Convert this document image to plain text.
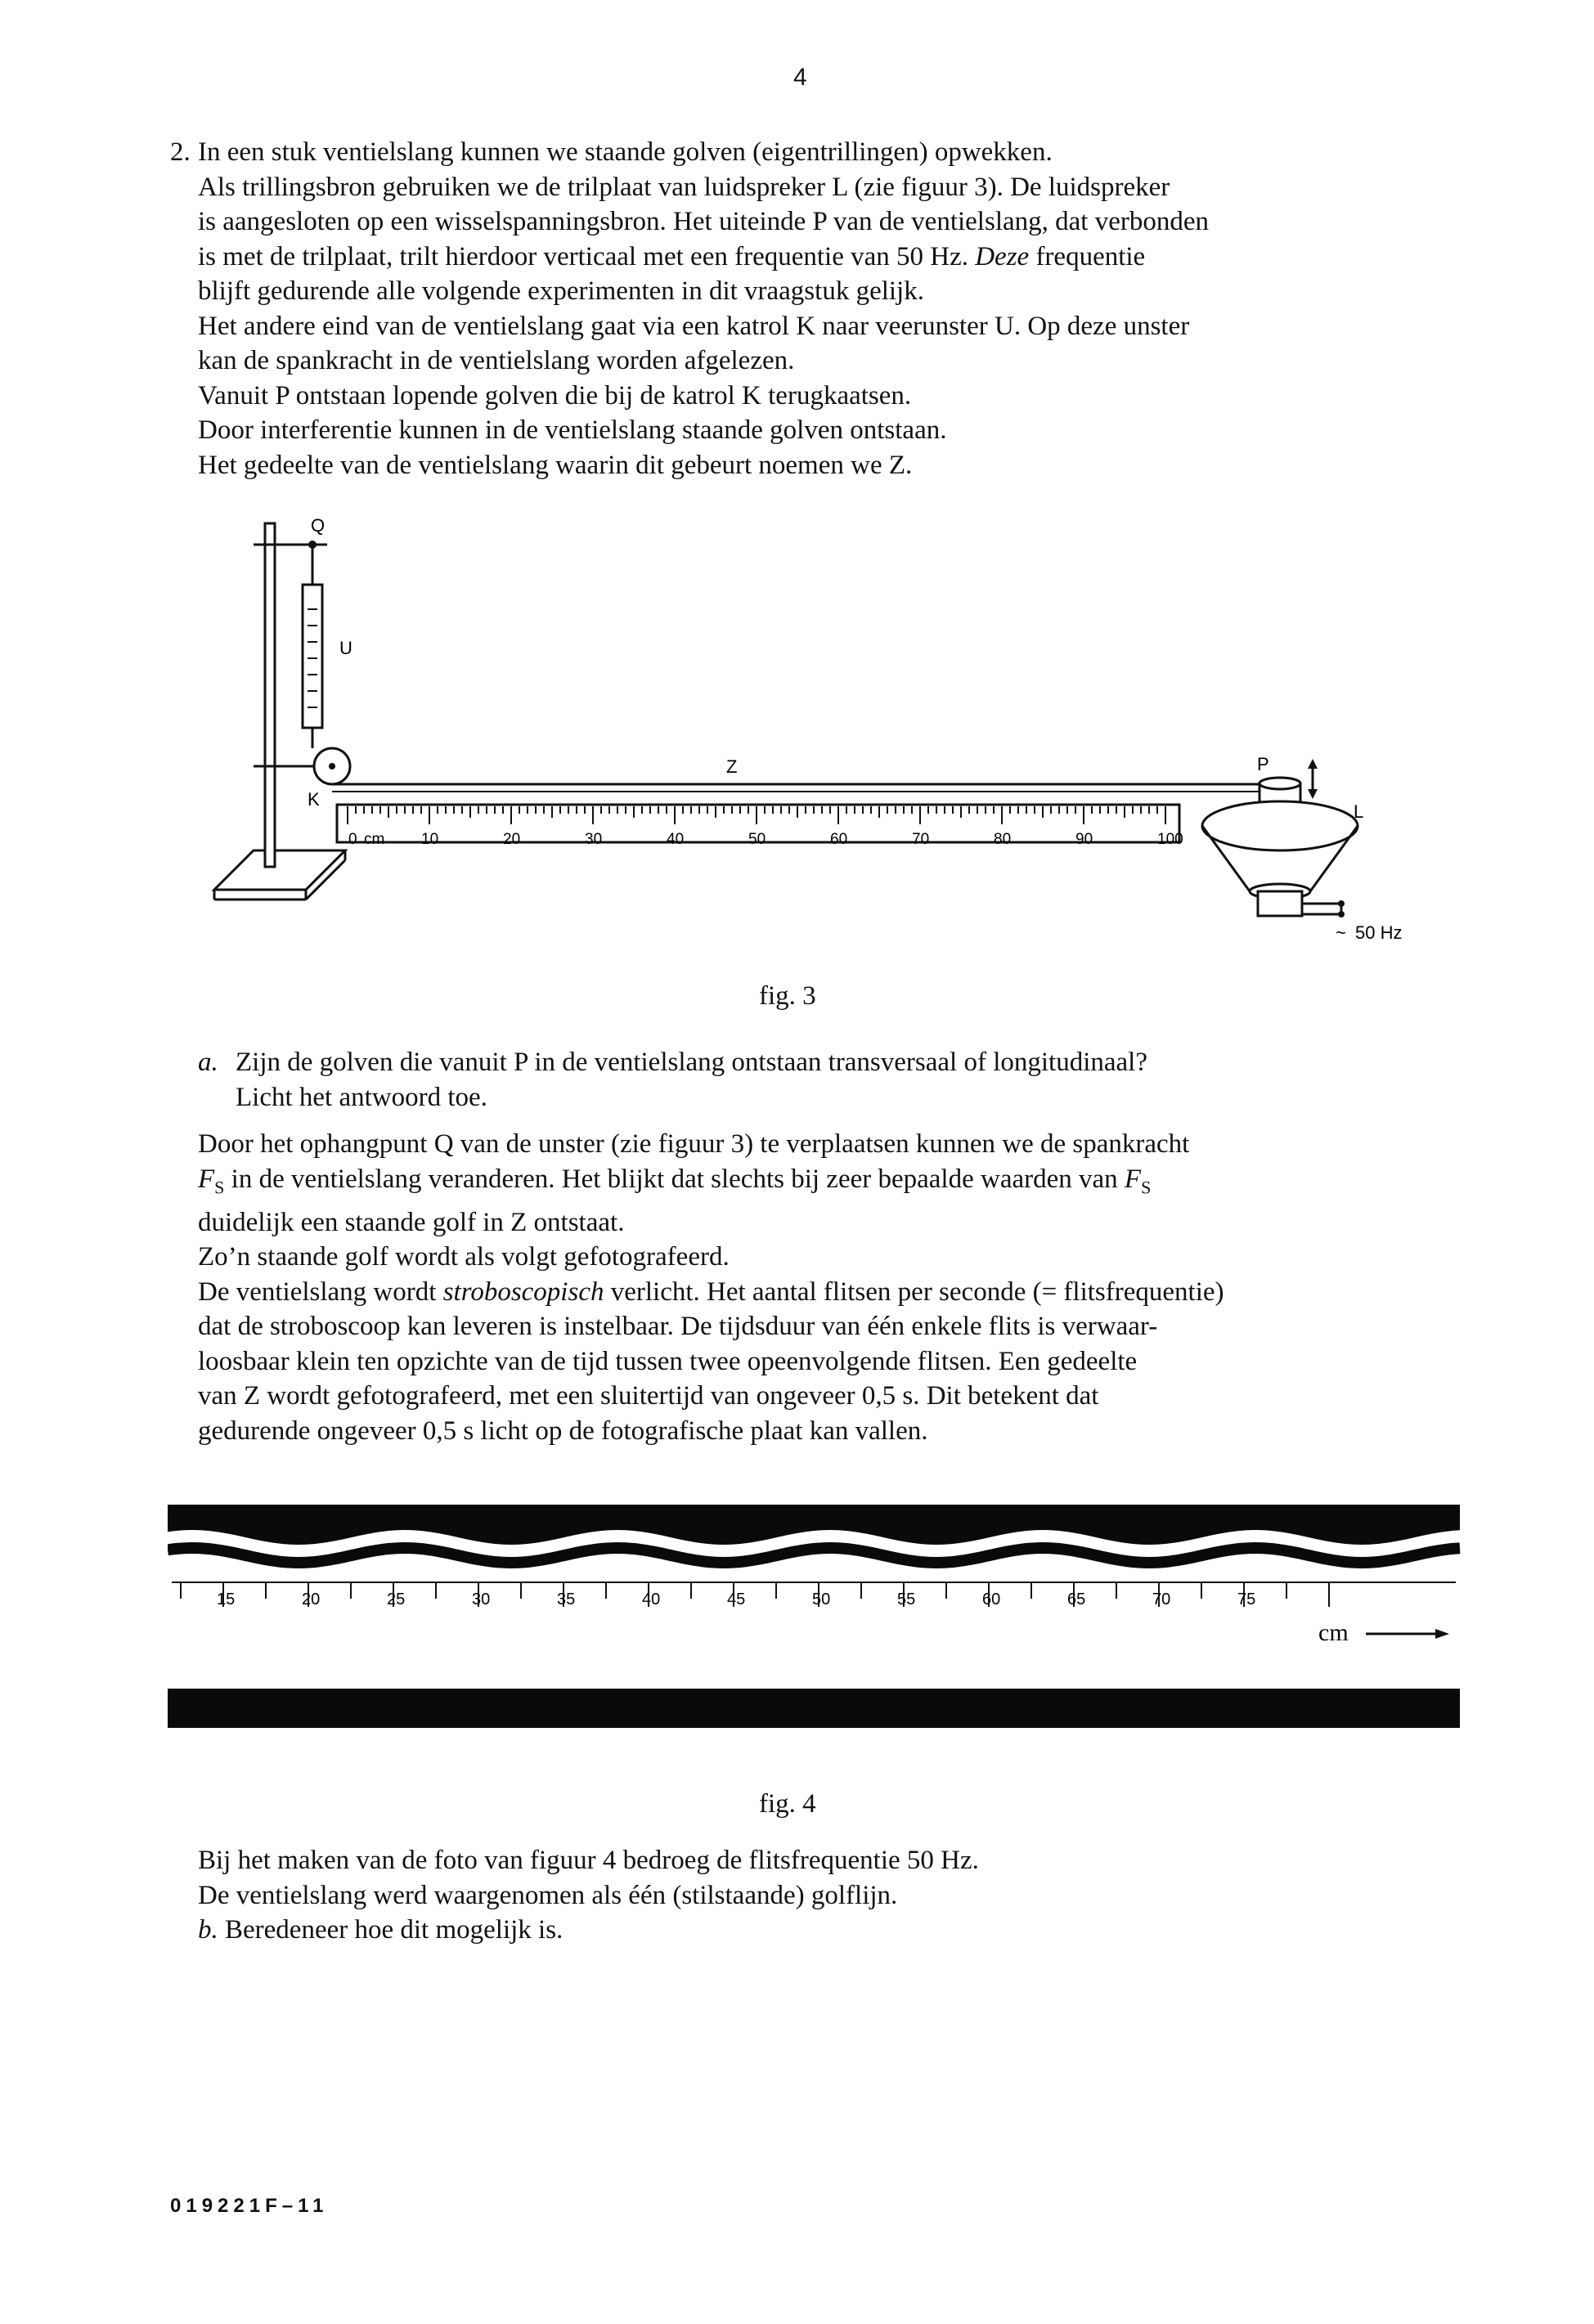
4
2. In een stuk ventielslang kunnen we staande golven (eigentrillingen) opwekken.
Als trillingsbron gebruiken we de trilplaat van luidspreker L (zie figuur 3). De luidspreker
is aangesloten op een wisselspanningsbron. Het uiteinde P van de ventielslang, dat verbonden
is met de trilplaat, trilt hierdoor verticaal met een frequentie van 50 Hz. Deze frequentie
blijft gedurende alle volgende experimenten in dit vraagstuk gelijk.
Het andere eind van de ventielslang gaat via een katrol K naar veerunster U. Op deze unster
kan de spankracht in de ventielslang worden afgelezen.
Vanuit P ontstaan lopende golven die bij de katrol K terugkaatsen.
Door interferentie kunnen in de ventielslang staande golven ontstaan.
Het gedeelte van de ventielslang waarin dit gebeurt noemen we Z.
Q
U
K
Z	P
L
~ 50 Hz
cm 10	20	30	40	50	60	70	80	90	100
0
fig. 3
a. Zijn de golven die vanuit P in de ventielslang ontstaan transversaal of longitudinaal?
Licht het antwoord toe.
Door het ophangpunt Q van de unster (zie figuur 3) te verplaatsen kunnen we de spankracht
$F_S$ in de ventielslang veranderen. Het blijkt dat slechts bij zeer bepaalde waarden van $F_S$
duidelijk een staande golf in Z ontstaat.
Zo’n staande golf wordt als volgt gefotografeerd.
De ventielslang wordt stroboscopisch verlicht. Het aantal flitsen per seconde (= flitsfrequentie)
dat de stroboscoop kan leveren is instelbaar. De tijdsduur van één enkele flits is verwaar-
loosbaar klein ten opzichte van de tijd tussen twee opeenvolgende flitsen. Een gedeelte
van Z wordt gefotografeerd, met een sluitertijd van ongeveer 0,5 s. Dit betekent dat
gedurende ongeveer 0,5 s licht op de fotografische plaat kan vallen.
15	20	25	30	35	40	45	50	55	60	65	70	75
cm
fig. 4
Bij het maken van de foto van figuur 4 bedroeg de flitsfrequentie 50 Hz.
De ventielslang werd waargenomen als één (stilstaande) golflijn.
b. Beredeneer hoe dit mogelijk is.
019221F–11
